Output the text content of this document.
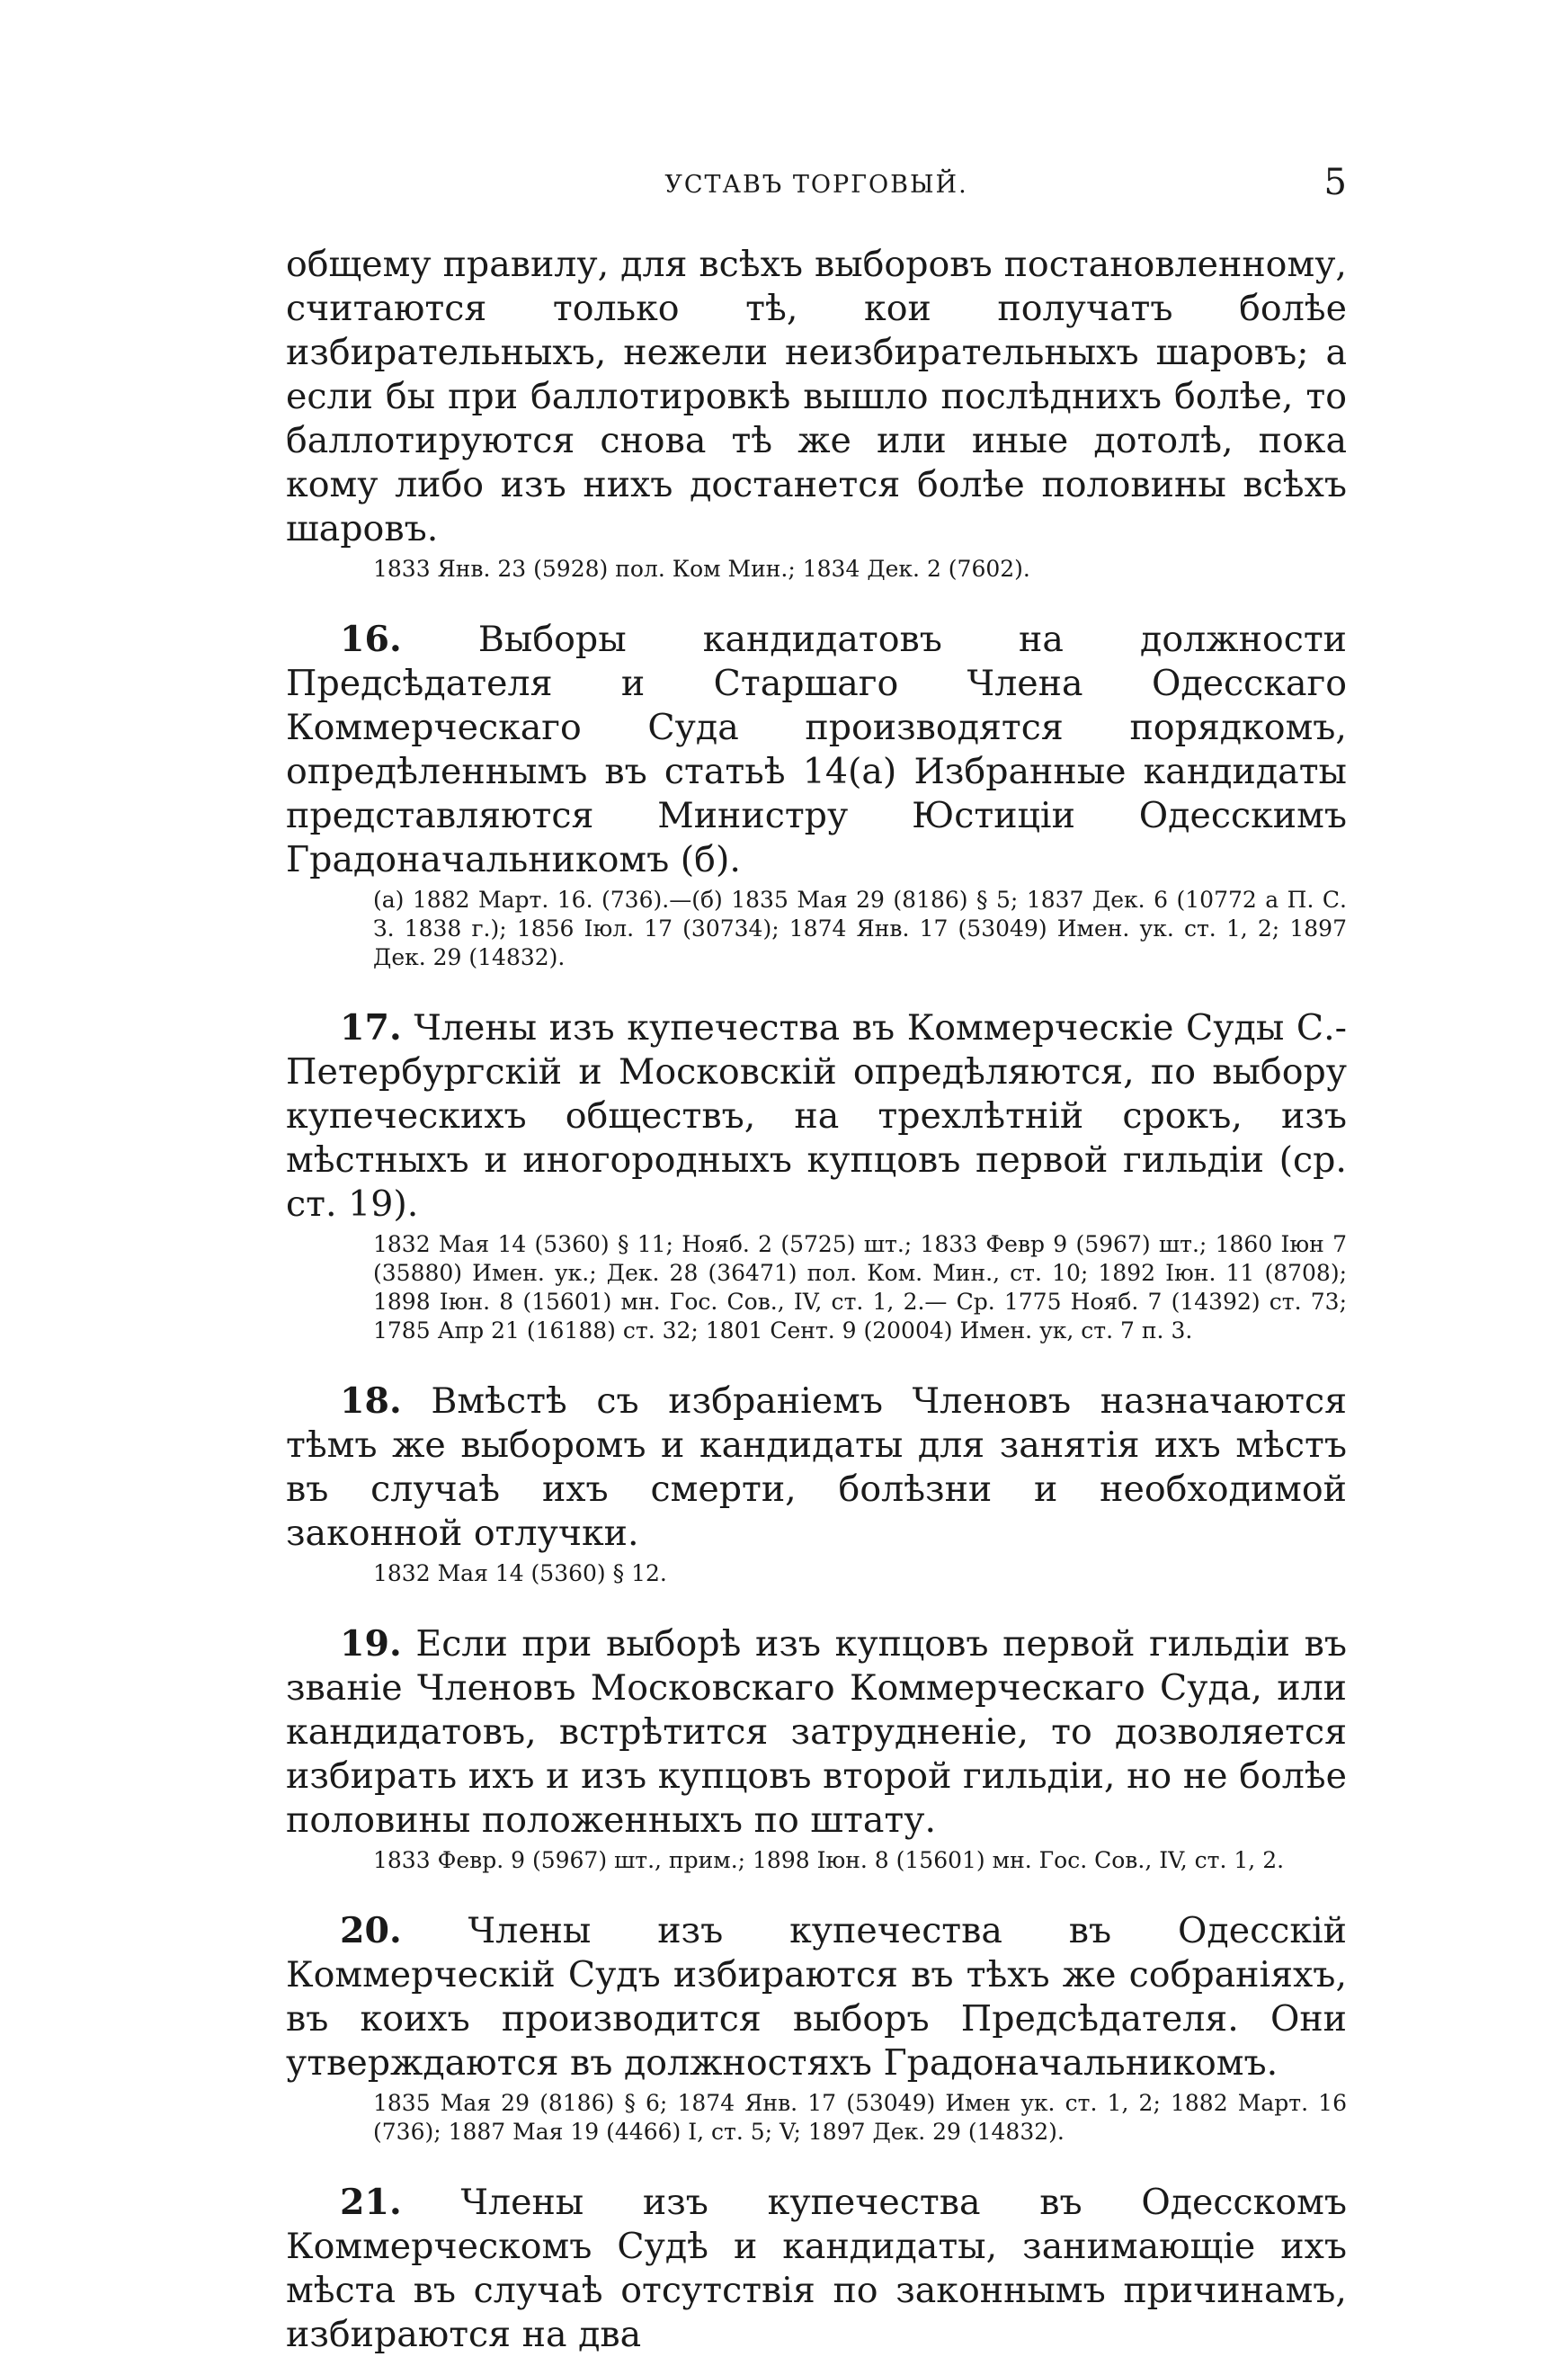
УСТАВЪ ТОРГОВЫЙ.	5

общему правилу, для всѣхъ выборовъ постановленному, считаются только тѣ, кои получатъ болѣе избирательныхъ, нежели неизбирательныхъ шаровъ; а если бы при баллотировкѣ вышло послѣднихъ болѣе, то баллотируются снова тѣ же или иные дотолѣ, пока кому либо изъ нихъ достанется болѣе половины всѣхъ шаровъ.

1833 Янв. 23 (5928) пол. Ком Мин.; 1834 Дек. 2 (7602).

16. Выборы кандидатовъ на должности Предсѣдателя и Старшаго Члена Одесскаго Коммерческаго Суда производятся порядкомъ, опредѣленнымъ въ статьѣ 14(а) Избранные кандидаты представляются Министру Юстиціи Одесскимъ Градоначальникомъ (б).

(а) 1882 Март. 16. (736).—(б) 1835 Мая 29 (8186) § 5; 1837 Дек. 6 (10772 а П. С. З. 1838 г.); 1856 Іюл. 17 (30734); 1874 Янв. 17 (53049) Имен. ук. ст. 1, 2; 1897 Дек. 29 (14832).

17. Члены изъ купечества въ Коммерческіе Суды С.-Петербургскій и Московскій опредѣляются, по выбору купеческихъ обществъ, на трехлѣтній срокъ, изъ мѣстныхъ и иногородныхъ купцовъ первой гильдіи (ср. ст. 19).

1832 Мая 14 (5360) § 11; Нояб. 2 (5725) шт.; 1833 Февр 9 (5967) шт.; 1860 Іюн 7 (35880) Имен. ук.; Дек. 28 (36471) пол. Ком. Мин., ст. 10; 1892 Іюн. 11 (8708); 1898 Іюн. 8 (15601) мн. Гос. Сов., IV, ст. 1, 2.— Ср. 1775 Нояб. 7 (14392) ст. 73; 1785 Апр 21 (16188) ст. 32; 1801 Сент. 9 (20004) Имен. ук, ст. 7 п. 3.

18. Вмѣстѣ съ избраніемъ Членовъ назначаются тѣмъ же выборомъ и кандидаты для занятія ихъ мѣстъ въ случаѣ ихъ смерти, болѣзни и необходимой законной отлучки.

1832 Мая 14 (5360) § 12.

19. Если при выборѣ изъ купцовъ первой гильдіи въ званіе Членовъ Московскаго Коммерческаго Суда, или кандидатовъ, встрѣтится затрудненіе, то дозволяется избирать ихъ и изъ купцовъ второй гильдіи, но не болѣе половины положенныхъ по штату.

1833 Февр. 9 (5967) шт., прим.; 1898 Іюн. 8 (15601) мн. Гос. Сов., IV, ст. 1, 2.

20. Члены изъ купечества въ Одесскій Коммерческій Судъ избираются въ тѣхъ же собраніяхъ, въ коихъ производится выборъ Предсѣдателя. Они утверждаются въ должностяхъ Градоначальникомъ.

1835 Мая 29 (8186) § 6; 1874 Янв. 17 (53049) Имен ук. ст. 1, 2; 1882 Март. 16 (736); 1887 Мая 19 (4466) I, ст. 5; V; 1897 Дек. 29 (14832).

21. Члены изъ купечества въ Одесскомъ Коммерческомъ Судѣ и кандидаты, занимающіе ихъ мѣста въ случаѣ отсутствія по законнымъ причинамъ, избираются на два
